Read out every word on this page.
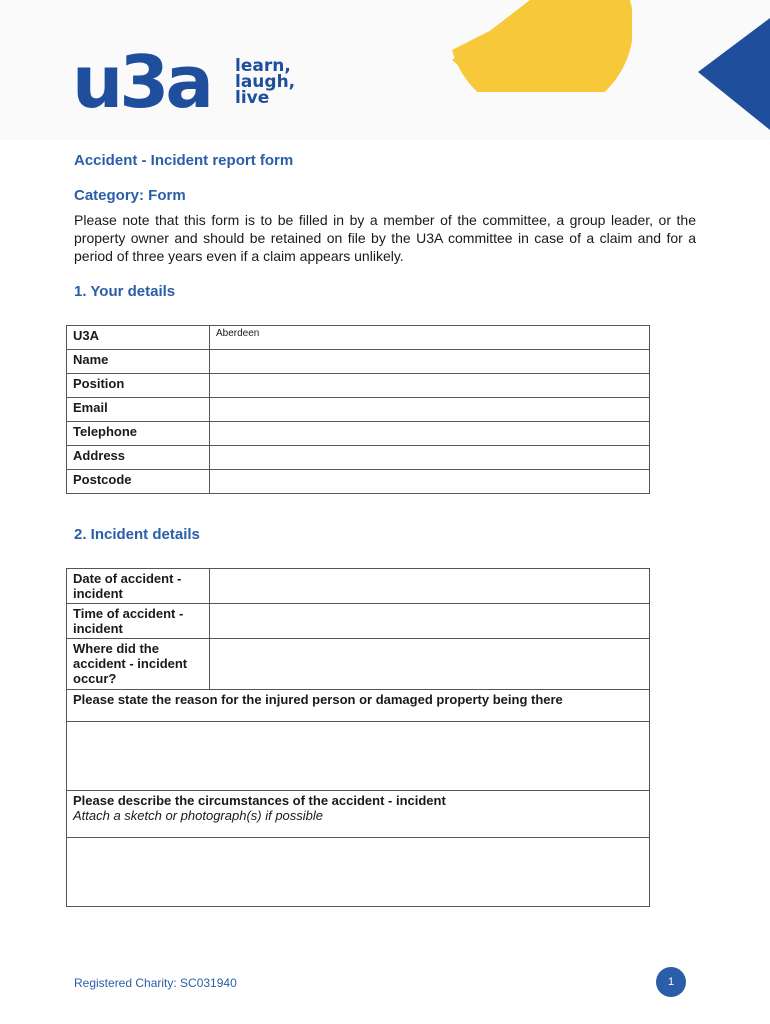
u3a learn,
laugh,
live
Accident - Incident report form
Category: Form

Please note that this form is to be filled in by a member of the committee, a group leader, or the property owner and should be retained on file by the U3A committee in case of a claim and for a period of three years even if a claim appears unlikely.

1. Your details
U3A	Aberdeen
Name	
Position	
Email	
Telephone	
Address	
Postcode	
2. Incident details
Date of accident -incident	
Time of accident - incident	
Where did the accident - incident occur?	
Please state the reason for the injured person or damaged property being there	

Please describe the circumstances of the accident - incident
Attach a sketch or photograph(s) if possible	

Registered Charity: SC031940	1
